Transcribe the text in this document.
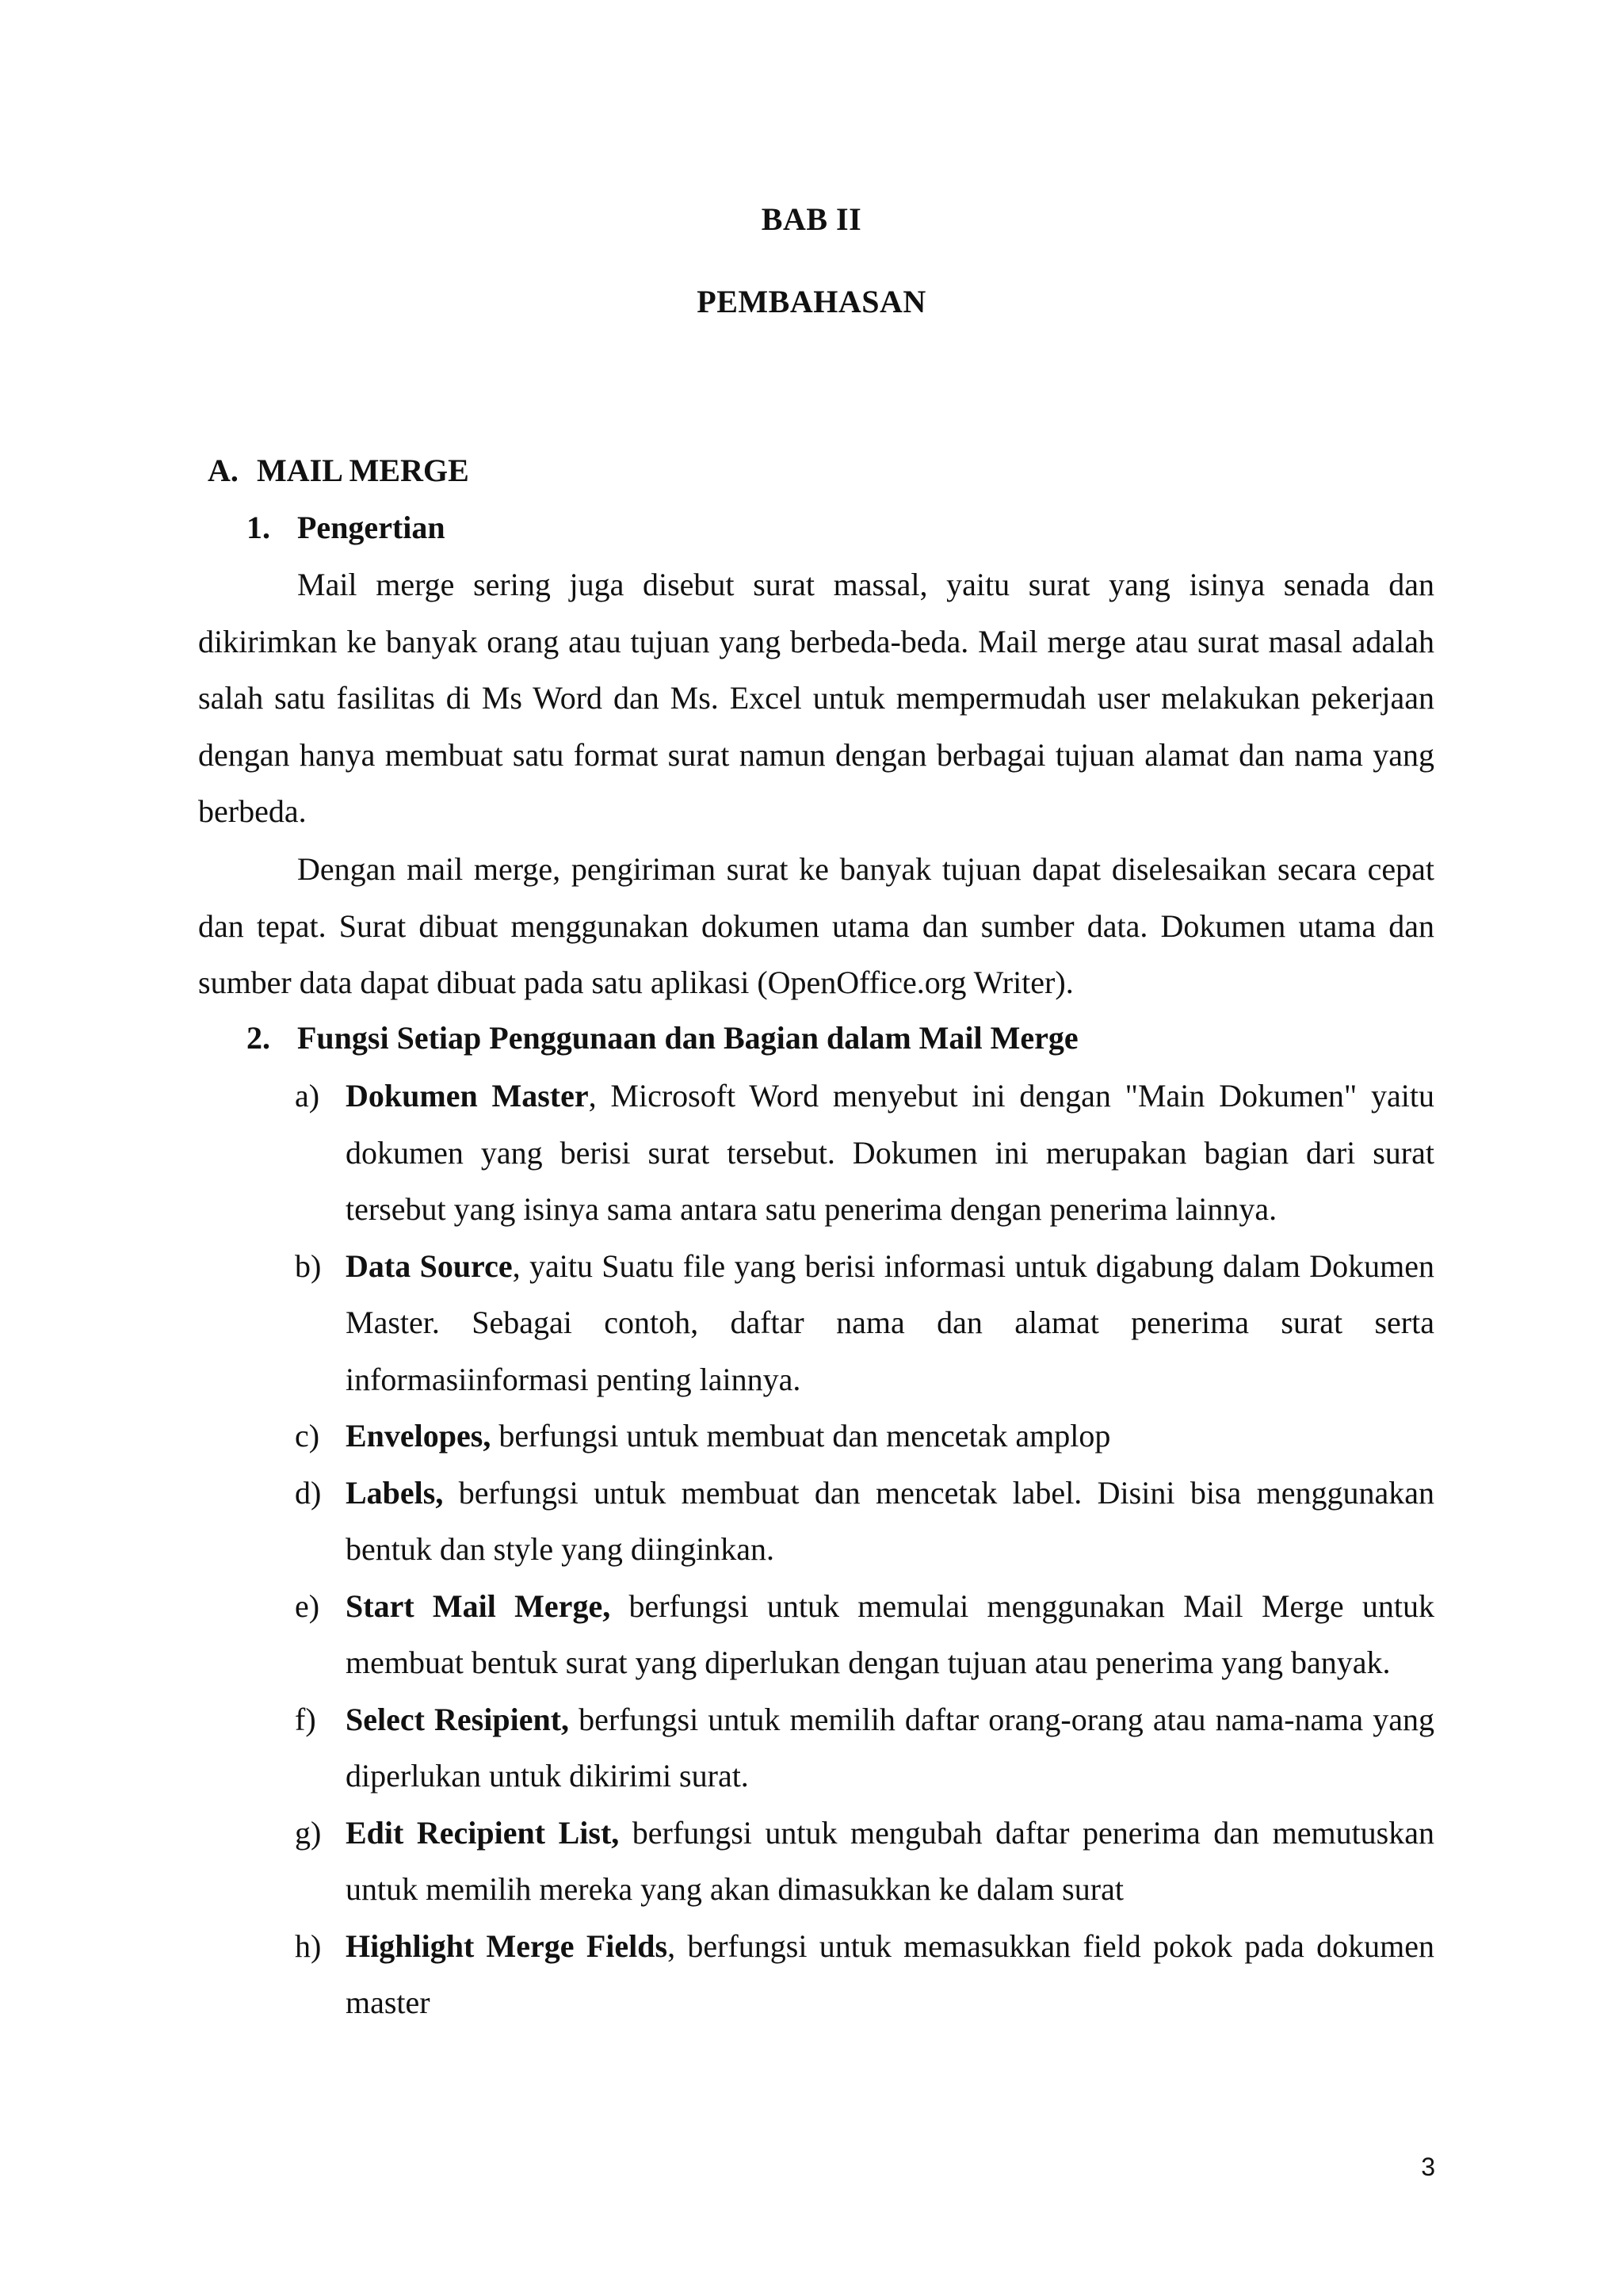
BAB II
PEMBAHASAN
A. MAIL MERGE
1. Pengertian

Mail merge sering juga disebut surat massal, yaitu surat yang isinya senada dan dikirimkan ke banyak orang atau tujuan yang berbeda-beda. Mail merge atau surat masal adalah salah satu fasilitas di Ms Word dan Ms. Excel untuk mempermudah user melakukan pekerjaan dengan hanya membuat satu format surat namun dengan berbagai tujuan alamat dan nama yang berbeda.

Dengan mail merge, pengiriman surat ke banyak tujuan dapat diselesaikan secara cepat dan tepat. Surat dibuat menggunakan dokumen utama dan sumber data. Dokumen utama dan sumber data dapat dibuat pada satu aplikasi (OpenOffice.org Writer).

2. Fungsi Setiap Penggunaan dan Bagian dalam Mail Merge
a) Dokumen Master, Microsoft Word menyebut ini dengan "Main Dokumen" yaitu dokumen yang berisi surat tersebut. Dokumen ini merupakan bagian dari surat tersebut yang isinya sama antara satu penerima dengan penerima lainnya.
b) Data Source, yaitu Suatu file yang berisi informasi untuk digabung dalam Dokumen Master. Sebagai contoh, daftar nama dan alamat penerima surat serta informasiinformasi penting lainnya.
c) Envelopes, berfungsi untuk membuat dan mencetak amplop
d) Labels, berfungsi untuk membuat dan mencetak label. Disini bisa menggunakan bentuk dan style yang diinginkan.
e) Start Mail Merge, berfungsi untuk memulai menggunakan Mail Merge untuk membuat bentuk surat yang diperlukan dengan tujuan atau penerima yang banyak.
f) Select Resipient, berfungsi untuk memilih daftar orang-orang atau nama-nama yang diperlukan untuk dikirimi surat.
g) Edit Recipient List, berfungsi untuk mengubah daftar penerima dan memutuskan untuk memilih mereka yang akan dimasukkan ke dalam surat
h) Highlight Merge Fields, berfungsi untuk memasukkan field pokok pada dokumen master
3
